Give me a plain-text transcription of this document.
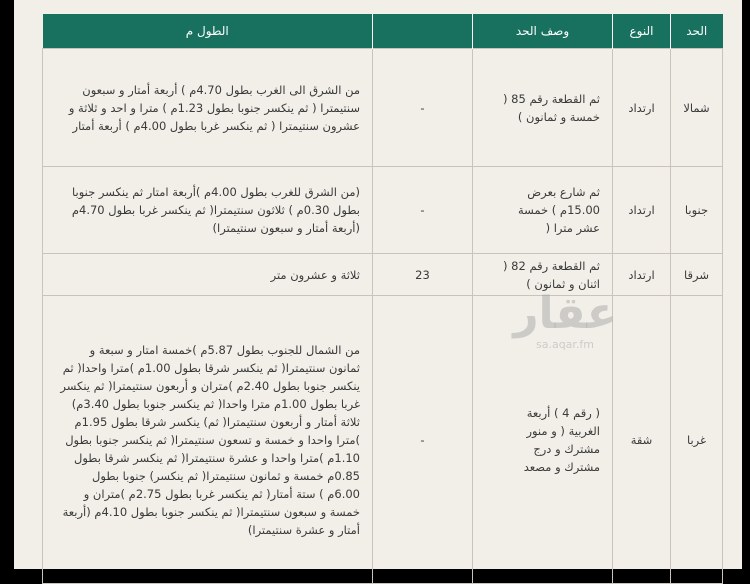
الحد	النوع	وصف الحد		الطول م
شمالا	ارتداد	ثم القطعة رقم 85 ( خمسة و ثمانون )	-	من الشرق الى الغرب بطول 4.70م ) أربعة أمتار و سبعون سنتيمترا ( ثم ينكسر جنوبا بطول 1.23م ) مترا و احد و ثلاثة و عشرون سنتيمترا ( ثم ينكسر غربا بطول 4.00م ) أربعة أمتار
جنوبا	ارتداد	ثم شارع بعرض 15.00م ) خمسة عشر مترا (	-	(من الشرق للغرب بطول 4.00م )أربعة امتار ثم ينكسر جنوبا بطول 0.30م ) ثلاثون سنتيمترا( ثم ينكسر غربا بطول 4.70م (أربعة أمتار و سبعون سنتيمترا)
شرقا	ارتداد	ثم القطعة رقم 82 ( اثنان و ثمانون )	23	ثلاثة و عشرون متر
غربا	شقة	( رقم 4 ) أربعة الغربية ( و منور مشترك و درج مشترك و مصعد	-	من الشمال للجنوب بطول 5.87م )خمسة امتار و سبعة و ثمانون سنتيمترا( ثم ينكسر شرقا بطول 1.00م )مترا واحدا( ثم ينكسر جنوبا بطول 2.40م )متران و أربعون سنتيمترا( ثم ينكسر غربا بطول 1.00م مترا واحدا( ثم ينكسر جنوبا بطول 3.40م) ثلاثة أمتار و أربعون سنتيمترا( ثم) ينكسر شرقا بطول 1.95م )مترا واحدا و خمسة و تسعون سنتيمترا( ثم ينكسر جنوبا بطول 1.10م )مترا واحدا و عشرة سنتيمترا( ثم ينكسر شرقا بطول 0.85م خمسة و ثمانون سنتيمترا( ثم ينكسر) جنوبا بطول 6.00م ) ستة أمتار( ثم ينكسر غربا بطول 2.75م )متران و خمسة و سبعون سنتيمترا( ثم ينكسر جنوبا بطول 4.10م (أربعة أمتار و عشرة سنتيمترا)
عقار
sa.aqar.fm
